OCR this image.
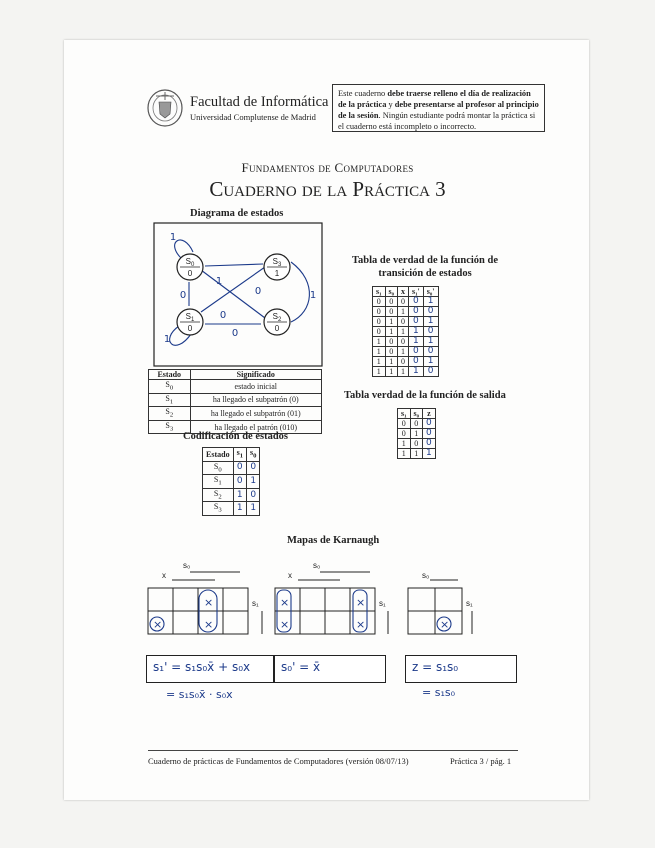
Facultad de Informática
Universidad Complutense de Madrid
Este cuaderno debe traerse relleno el día de realización de la práctica y debe presentarse al profesor al principio de la sesión. Ningún estudiante podrá montar la práctica si el cuaderno está incompleto o incorrecto.
Fundamentos de Computadores
Cuaderno de la Práctica 3
Diagrama de estados
$S_0$
0
$S_3$
1
$S_1$
0
$S_2$
0
1
0
1
0
1
1
0
0
Estado	Significado
$S_0$	estado inicial
$S_1$	ha llegado el subpatrón (0)
$S_2$	ha llegado el subpatrón (01)
$S_3$	ha llegado el patrón (010)
Codificación de estados
Estado	$s_1$	$s_0$
$S_0$	0	0
$S_1$	0	1
$S_2$	1	0
$S_3$	1	1
Tabla de verdad de la función de transición de estados
s₁	s₀	x	s₁'	s₀'
0	0	0	0	1
0	0	1	0	0
0	1	0	0	1
0	1	1	1	0
1	0	0	1	1
1	0	1	0	0
1	1	0	0	1
1	1	1	1	0
Tabla verdad de la función de salida
s₁	s₀	z
0	0	0
0	1	0
1	0	0
1	1	1
Mapas de Karnaugh
s₀
x
s₁
s₀
x
s₁
s₀
s₁
×
×
×
×
×
×
×	×
s₁' = s₁s₀x̄ + s₀x
= s₁s₀x̄ · s₀x
s₀' = x̄	z = s₁s₀
= s₁s₀
Cuaderno de prácticas de Fundamentos de Computadores (versión 08/07/13)	Práctica 3 / pág. 1
